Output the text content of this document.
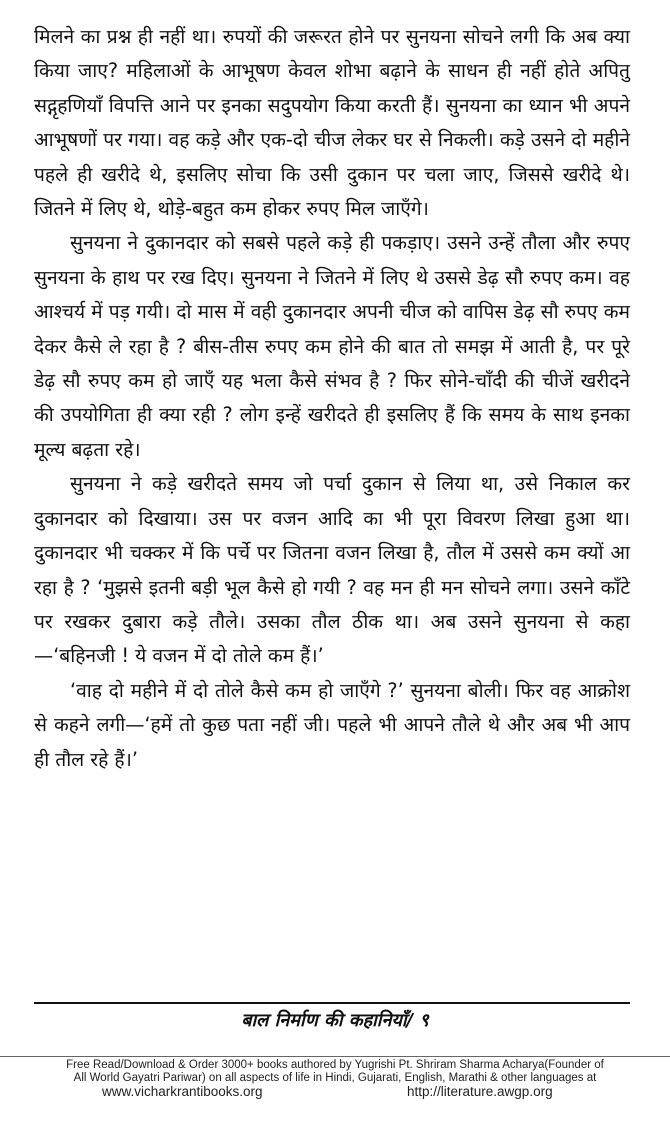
मिलने का प्रश्न ही नहीं था। रुपयों की जरूरत होने पर सुनयना सोचने लगी कि अब क्या किया जाए? महिलाओं के आभूषण केवल शोभा बढ़ाने के साधन ही नहीं होते अपितु सद्गृहणियाँ विपत्ति आने पर इनका सदुपयोग किया करती हैं। सुनयना का ध्यान भी अपने आभूषणों पर गया। वह कड़े और एक-दो चीज लेकर घर से निकली। कड़े उसने दो महीने पहले ही खरीदे थे, इसलिए सोचा कि उसी दुकान पर चला जाए, जिससे खरीदे थे। जितने में लिए थे, थोड़े-बहुत कम होकर रुपए मिल जाएँगे।

सुनयना ने दुकानदार को सबसे पहले कड़े ही पकड़ाए। उसने उन्हें तौला और रुपए सुनयना के हाथ पर रख दिए। सुनयना ने जितने में लिए थे उससे डेढ़ सौ रुपए कम। वह आश्चर्य में पड़ गयी। दो मास में वही दुकानदार अपनी चीज को वापिस डेढ़ सौ रुपए कम देकर कैसे ले रहा है ? बीस-तीस रुपए कम होने की बात तो समझ में आती है, पर पूरे डेढ़ सौ रुपए कम हो जाएँ यह भला कैसे संभव है ? फिर सोने-चाँदी की चीजें खरीदने की उपयोगिता ही क्या रही ? लोग इन्हें खरीदते ही इसलिए हैं कि समय के साथ इनका मूल्य बढ़ता रहे।

सुनयना ने कड़े खरीदते समय जो पर्चा दुकान से लिया था, उसे निकाल कर दुकानदार को दिखाया। उस पर वजन आदि का भी पूरा विवरण लिखा हुआ था। दुकानदार भी चक्कर में कि पर्चे पर जितना वजन लिखा है, तौल में उससे कम क्यों आ रहा है ? ‘मुझसे इतनी बड़ी भूल कैसे हो गयी ? वह मन ही मन सोचने लगा। उसने काँटे पर रखकर दुबारा कड़े तौले। उसका तौल ठीक था। अब उसने सुनयना से कहा—‘बहिनजी ! ये वजन में दो तोले कम हैं।’

‘वाह दो महीने में दो तोले कैसे कम हो जाएँगे ?’ सुनयना बोली। फिर वह आक्रोश से कहने लगी—‘हमें तो कुछ पता नहीं जी। पहले भी आपने तौले थे और अब भी आप ही तौल रहे हैं।’

बाल निर्माण की कहानियाँ/ ९
Free Read/Download & Order 3000+ books authored by Yugrishi Pt. Shriram Sharma Acharya(Founder of
All World Gayatri Pariwar) on all aspects of life in Hindi, Gujarati, English, Marathi & other languages at
www.vicharkrantibooks.org	http://literature.awgp.org
